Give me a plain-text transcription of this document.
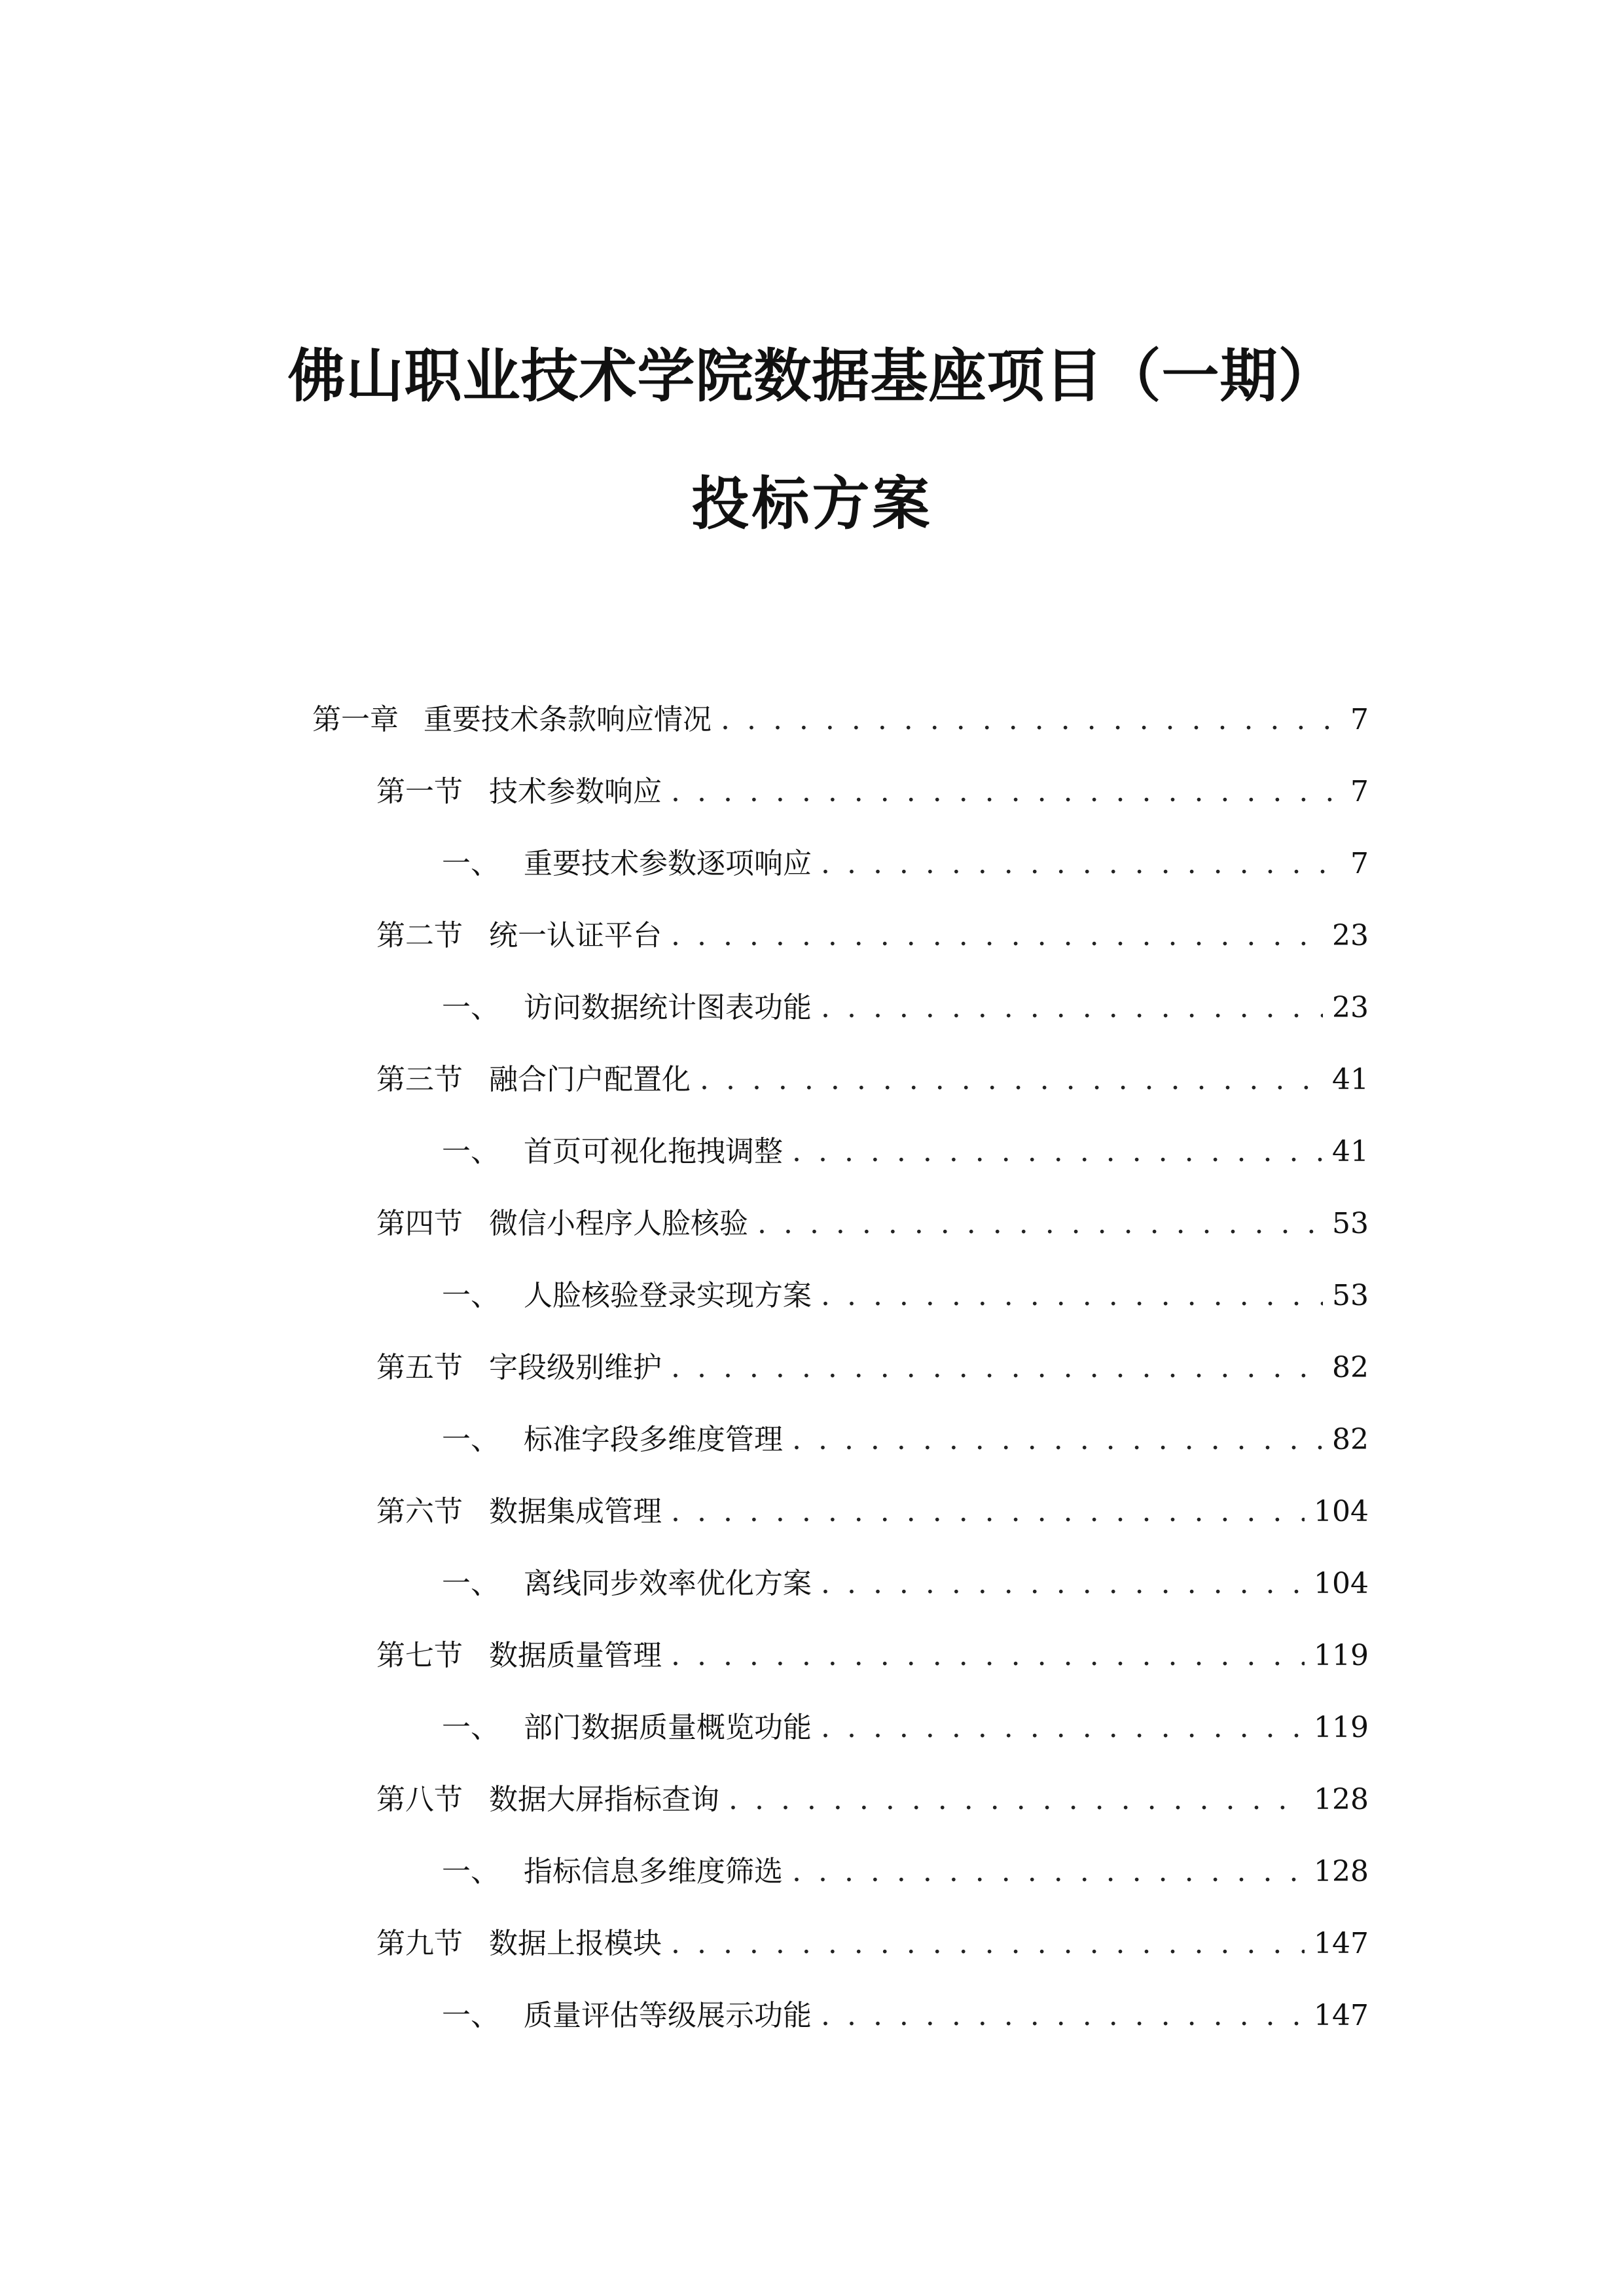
佛山职业技术学院数据基座项目（一期）
投标方案
第一章 重要技术条款响应情况 . . .	7
第一节 技术参数响应 . . .	7
一、 重要技术参数逐项响应 . . .	7
第二节 统一认证平台 . . .	23
一、 访问数据统计图表功能 . . .	23
第三节 融合门户配置化 . . .	41
一、 首页可视化拖拽调整 . . .	41
第四节 微信小程序人脸核验 . . .	53
一、 人脸核验登录实现方案 . . .	53
第五节 字段级别维护 . . .	82
一、 标准字段多维度管理 . . .	82
第六节 数据集成管理 . . .	104
一、 离线同步效率优化方案 . . .	104
第七节 数据质量管理 . . .	119
一、 部门数据质量概览功能 . . .	119
第八节 数据大屏指标查询 . . .	128
一、 指标信息多维度筛选 . . .	128
第九节 数据上报模块 . . .	147
一、 质量评估等级展示功能 . . .	147
